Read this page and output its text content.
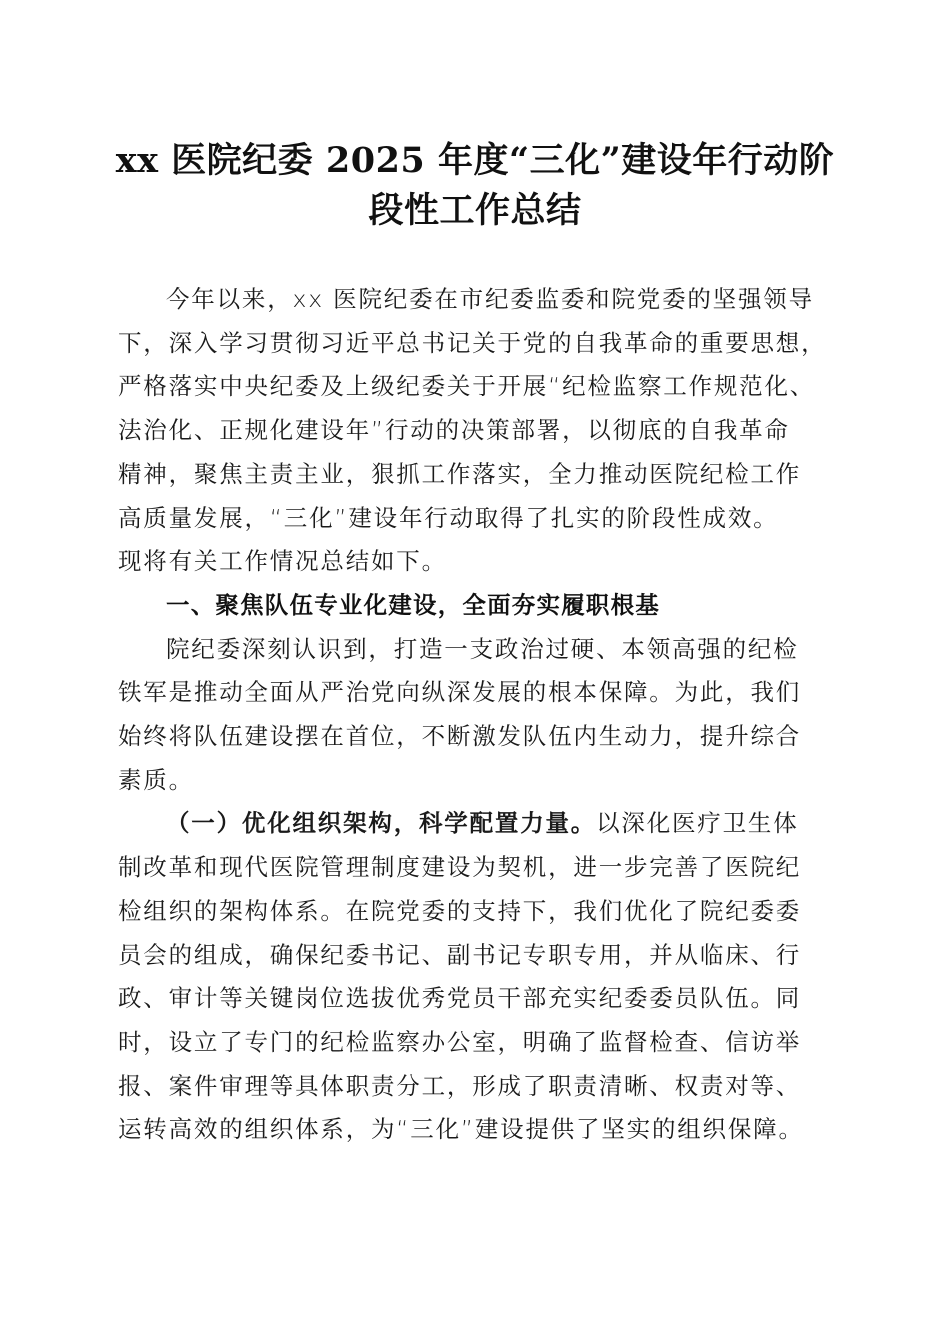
xx 医院纪委 2025 年度“三化”建设年行动阶
段性工作总结
今年以来，xx 医院纪委在市纪委监委和院党委的坚强领导
下，深入学习贯彻习近平总书记关于党的自我革命的重要思想，
严格落实中央纪委及上级纪委关于开展“纪检监察工作规范化、
法治化、正规化建设年”行动的决策部署，以彻底的自我革命
精神，聚焦主责主业，狠抓工作落实，全力推动医院纪检工作
高质量发展，“三化”建设年行动取得了扎实的阶段性成效。
现将有关工作情况总结如下。
一、聚焦队伍专业化建设，全面夯实履职根基
院纪委深刻认识到，打造一支政治过硬、本领高强的纪检
铁军是推动全面从严治党向纵深发展的根本保障。为此，我们
始终将队伍建设摆在首位，不断激发队伍内生动力，提升综合
素质。
（一）优化组织架构，科学配置力量。以深化医疗卫生体
制改革和现代医院管理制度建设为契机，进一步完善了医院纪
检组织的架构体系。在院党委的支持下，我们优化了院纪委委
员会的组成，确保纪委书记、副书记专职专用，并从临床、行
政、审计等关键岗位选拔优秀党员干部充实纪委委员队伍。同
时，设立了专门的纪检监察办公室，明确了监督检查、信访举
报、案件审理等具体职责分工，形成了职责清晰、权责对等、
运转高效的组织体系，为“三化”建设提供了坚实的组织保障。
